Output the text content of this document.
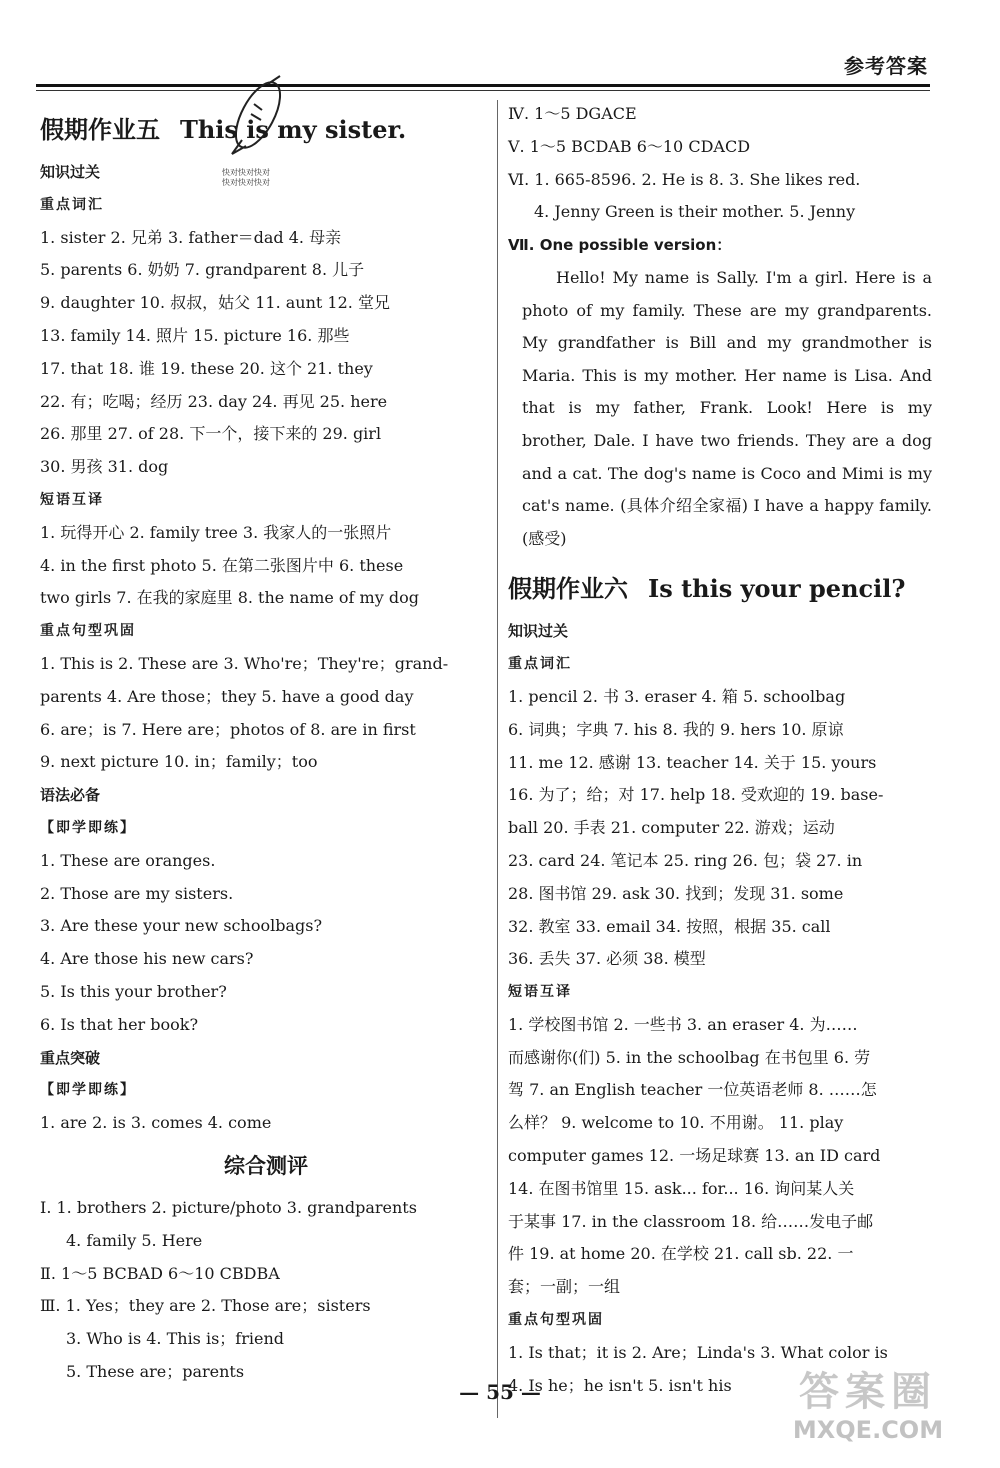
参考答案
快对快对快对
快对快对快对
假期作业五 This is my sister.
知识过关
重点词汇
1. sister 2. 兄弟 3. father＝dad 4. 母亲
5. parents 6. 奶奶 7. grandparent 8. 儿子
9. daughter 10. 叔叔，姑父 11. aunt 12. 堂兄
13. family 14. 照片 15. picture 16. 那些
17. that 18. 谁 19. these 20. 这个 21. they
22. 有；吃喝；经历 23. day 24. 再见 25. here
26. 那里 27. of 28. 下一个，接下来的 29. girl
30. 男孩 31. dog
短语互译
1. 玩得开心 2. family tree 3. 我家人的一张照片
4. in the first photo 5. 在第二张图片中 6. these
two girls 7. 在我的家庭里 8. the name of my dog
重点句型巩固
1. This is 2. These are 3. Who're；They're；grand-
parents 4. Are those；they 5. have a good day
6. are；is 7. Here are；photos of 8. are in first
9. next picture 10. in；family；too
语法必备
【即学即练】
1. These are oranges.
2. Those are my sisters.
3. Are these your new schoolbags?
4. Are those his new cars?
5. Is this your brother?
6. Is that her book?
重点突破
【即学即练】
1. are 2. is 3. comes 4. come
综合测评
Ⅰ. 1. brothers 2. picture/photo 3. grandparents
4. family 5. Here
Ⅱ. 1～5 BCBAD 6～10 CBDBA
Ⅲ. 1. Yes；they are 2. Those are；sisters
3. Who is 4. This is；friend
5. These are；parents
Ⅳ. 1～5 DGACE
Ⅴ. 1～5 BCDAB 6～10 CDACD
Ⅵ. 1. 665-8596. 2. He is 8. 3. She likes red.
4. Jenny Green is their mother. 5. Jenny
Ⅶ. One possible version：

Hello! My name is Sally. I'm a girl. Here is a photo of my family. These are my grandparents. My grandfather is Bill and my grandmother is Maria. This is my mother. Her name is Lisa. And that is my father, Frank. Look! Here is my brother, Dale. I have two friends. They are a dog and a cat. The dog's name is Coco and Mimi is my cat's name. (具体介绍全家福) I have a happy family. (感受)

假期作业六 Is this your pencil?
知识过关
重点词汇
1. pencil 2. 书 3. eraser 4. 箱 5. schoolbag
6. 词典；字典 7. his 8. 我的 9. hers 10. 原谅
11. me 12. 感谢 13. teacher 14. 关于 15. yours
16. 为了；给；对 17. help 18. 受欢迎的 19. base-
ball 20. 手表 21. computer 22. 游戏；运动
23. card 24. 笔记本 25. ring 26. 包；袋 27. in
28. 图书馆 29. ask 30. 找到；发现 31. some
32. 教室 33. email 34. 按照，根据 35. call
36. 丢失 37. 必须 38. 模型
短语互译
1. 学校图书馆 2. 一些书 3. an eraser 4. 为……
而感谢你(们) 5. in the schoolbag 在书包里 6. 劳
驾 7. an English teacher 一位英语老师 8. ……怎
么样？ 9. welcome to 10. 不用谢。 11. play
computer games 12. 一场足球赛 13. an ID card
14. 在图书馆里 15. ask... for... 16. 询问某人关
于某事 17. in the classroom 18. 给……发电子邮
件 19. at home 20. 在学校 21. call sb. 22. 一
套；一副；一组
重点句型巩固
1. Is that；it is 2. Are；Linda's 3. What color is
4. Is he；he isn't 5. isn't his
— 55 —	答案圈
MXQE.COM
